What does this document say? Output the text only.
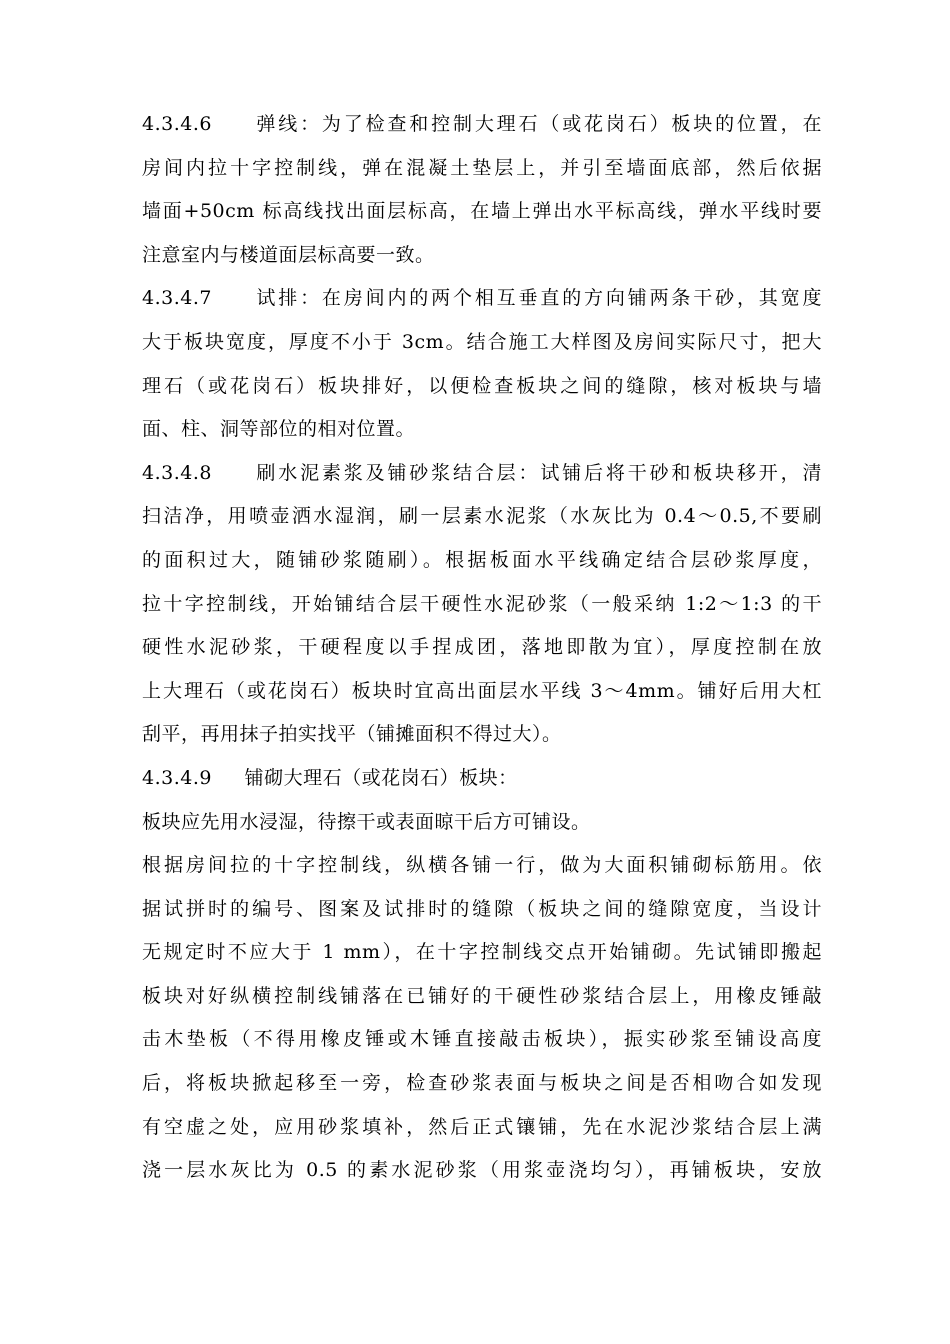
4.3.4.6     弹线：为了检查和控制大理石（或花岗石）板块的位置，在
房间内拉十字控制线，弹在混凝土垫层上，并引至墙面底部，然后依据
墙面+50cm 标高线找出面层标高，在墙上弹出水平标高线，弹水平线时要
注意室内与楼道面层标高要一致。
4.3.4.7     试排：在房间内的两个相互垂直的方向铺两条干砂，其宽度
大于板块宽度，厚度不小于 3cm。结合施工大样图及房间实际尺寸，把大
理石（或花岗石）板块排好，以便检查板块之间的缝隙，核对板块与墙
面、柱、洞等部位的相对位置。
4.3.4.8     刷水泥素浆及铺砂浆结合层：试铺后将干砂和板块移开，清
扫洁净，用喷壶洒水湿润，刷一层素水泥浆（水灰比为 0.4〜0.5,不要刷
的面积过大，随铺砂浆随刷）。根据板面水平线确定结合层砂浆厚度，
拉十字控制线，开始铺结合层干硬性水泥砂浆（一般采纳 1:2〜1:3 的干
硬性水泥砂浆，干硬程度以手捏成团，落地即散为宜），厚度控制在放
上大理石（或花岗石）板块时宜高出面层水平线 3〜4mm。铺好后用大杠
刮平，再用抹子拍实找平（铺摊面积不得过大）。
4.3.4.9     铺砌大理石（或花岗石）板块：
板块应先用水浸湿，待擦干或表面晾干后方可铺设。
根据房间拉的十字控制线，纵横各铺一行，做为大面积铺砌标筋用。依
据试拼时的编号、图案及试排时的缝隙（板块之间的缝隙宽度，当设计
无规定时不应大于 1 mm），在十字控制线交点开始铺砌。先试铺即搬起
板块对好纵横控制线铺落在已铺好的干硬性砂浆结合层上，用橡皮锤敲
击木垫板（不得用橡皮锤或木锤直接敲击板块），振实砂浆至铺设高度
后，将板块掀起移至一旁，检查砂浆表面与板块之间是否相吻合如发现
有空虚之处，应用砂浆填补，然后正式镶铺，先在水泥沙浆结合层上满
浇一层水灰比为 0.5 的素水泥砂浆（用浆壶浇均匀），再铺板块，安放
